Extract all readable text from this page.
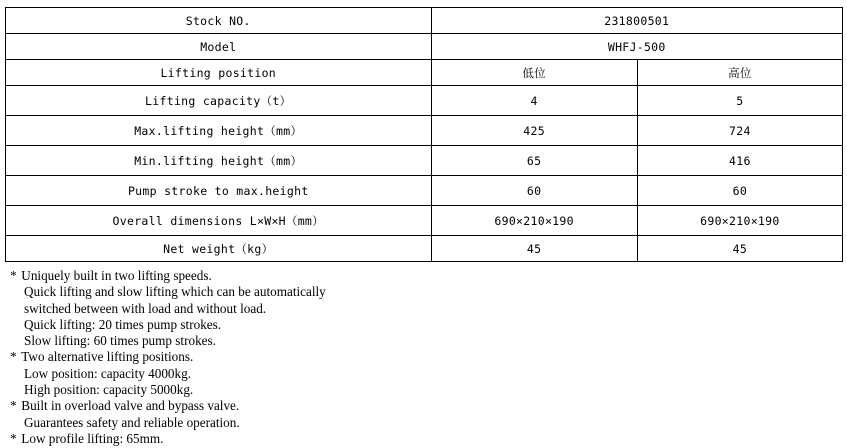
Stock NO.	231800501	
Model	WHFJ-500	
Lifting position	低位	高位
Lifting capacity（t）	4	5
Max.lifting height（mm）	425	724
Min.lifting height（mm）	65	416
Pump stroke to max.height	60	60
Overall dimensions L×W×H（mm）	690×210×190	690×210×190
Net weight（kg）	45	45
* Uniquely built in two lifting speeds.
Quick lifting and slow lifting which can be automatically
switched between with load and without load.
Quick lifting: 20 times pump strokes.
Slow lifting: 60 times pump strokes.
* Two alternative lifting positions.
Low position: capacity 4000kg.
High position: capacity 5000kg.
* Built in overload valve and bypass valve.
Guarantees safety and reliable operation.
* Low profile lifting: 65mm.
